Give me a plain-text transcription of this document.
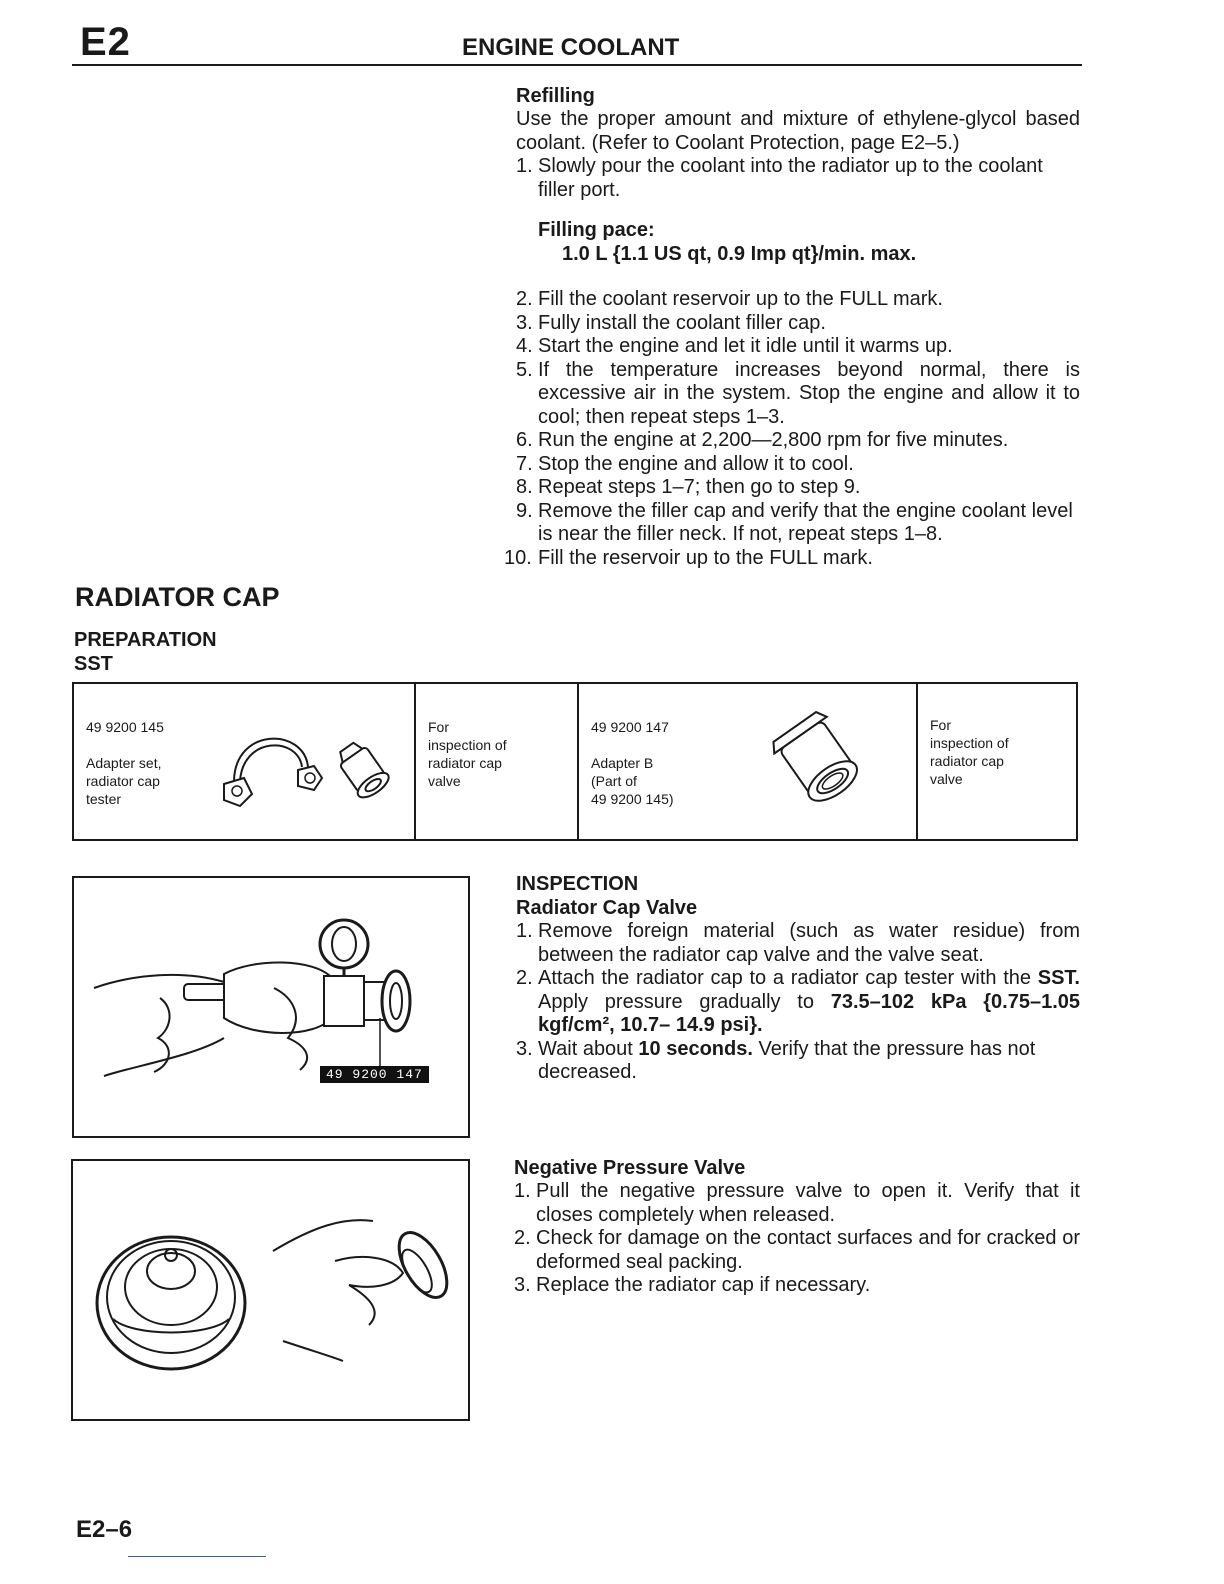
E2	ENGINE COOLANT
Refilling
Use the proper amount and mixture of ethylene-glycol based coolant. (Refer to Coolant Protection, page E2–5.)
1. Slowly pour the coolant into the radiator up to the coolant filler port.
Filling pace:
1.0 L {1.1 US qt, 0.9 Imp qt}/min. max.
2. Fill the coolant reservoir up to the FULL mark.
3. Fully install the coolant filler cap.
4. Start the engine and let it idle until it warms up.
5. If the temperature increases beyond normal, there is excessive air in the system. Stop the engine and allow it to cool; then repeat steps 1–3.
6. Run the engine at 2,200—2,800 rpm for five minutes.
7. Stop the engine and allow it to cool.
8. Repeat steps 1–7; then go to step 9.
9. Remove the filler cap and verify that the engine coolant level is near the filler neck. If not, repeat steps 1–8.
10. Fill the reservoir up to the FULL mark.
RADIATOR CAP
PREPARATION
SST
49 9200 145
Adapter set,
radiator cap
tester
For
inspection of
radiator cap
valve
49 9200 147
Adapter B
(Part of
49 9200 145)
For
inspection of
radiator cap
valve
49 9200 147
INSPECTION
Radiator Cap Valve
1. Remove foreign material (such as water residue) from between the radiator cap valve and the valve seat.
2. Attach the radiator cap to a radiator cap tester with the SST. Apply pressure gradually to 73.5–102 kPa {0.75–1.05 kgf/cm², 10.7– 14.9 psi}.
3. Wait about 10 seconds. Verify that the pressure has not decreased.
Negative Pressure Valve
1. Pull the negative pressure valve to open it. Verify that it closes completely when released.
2. Check for damage on the contact surfaces and for cracked or deformed seal packing.
3. Replace the radiator cap if necessary.
E2–6
